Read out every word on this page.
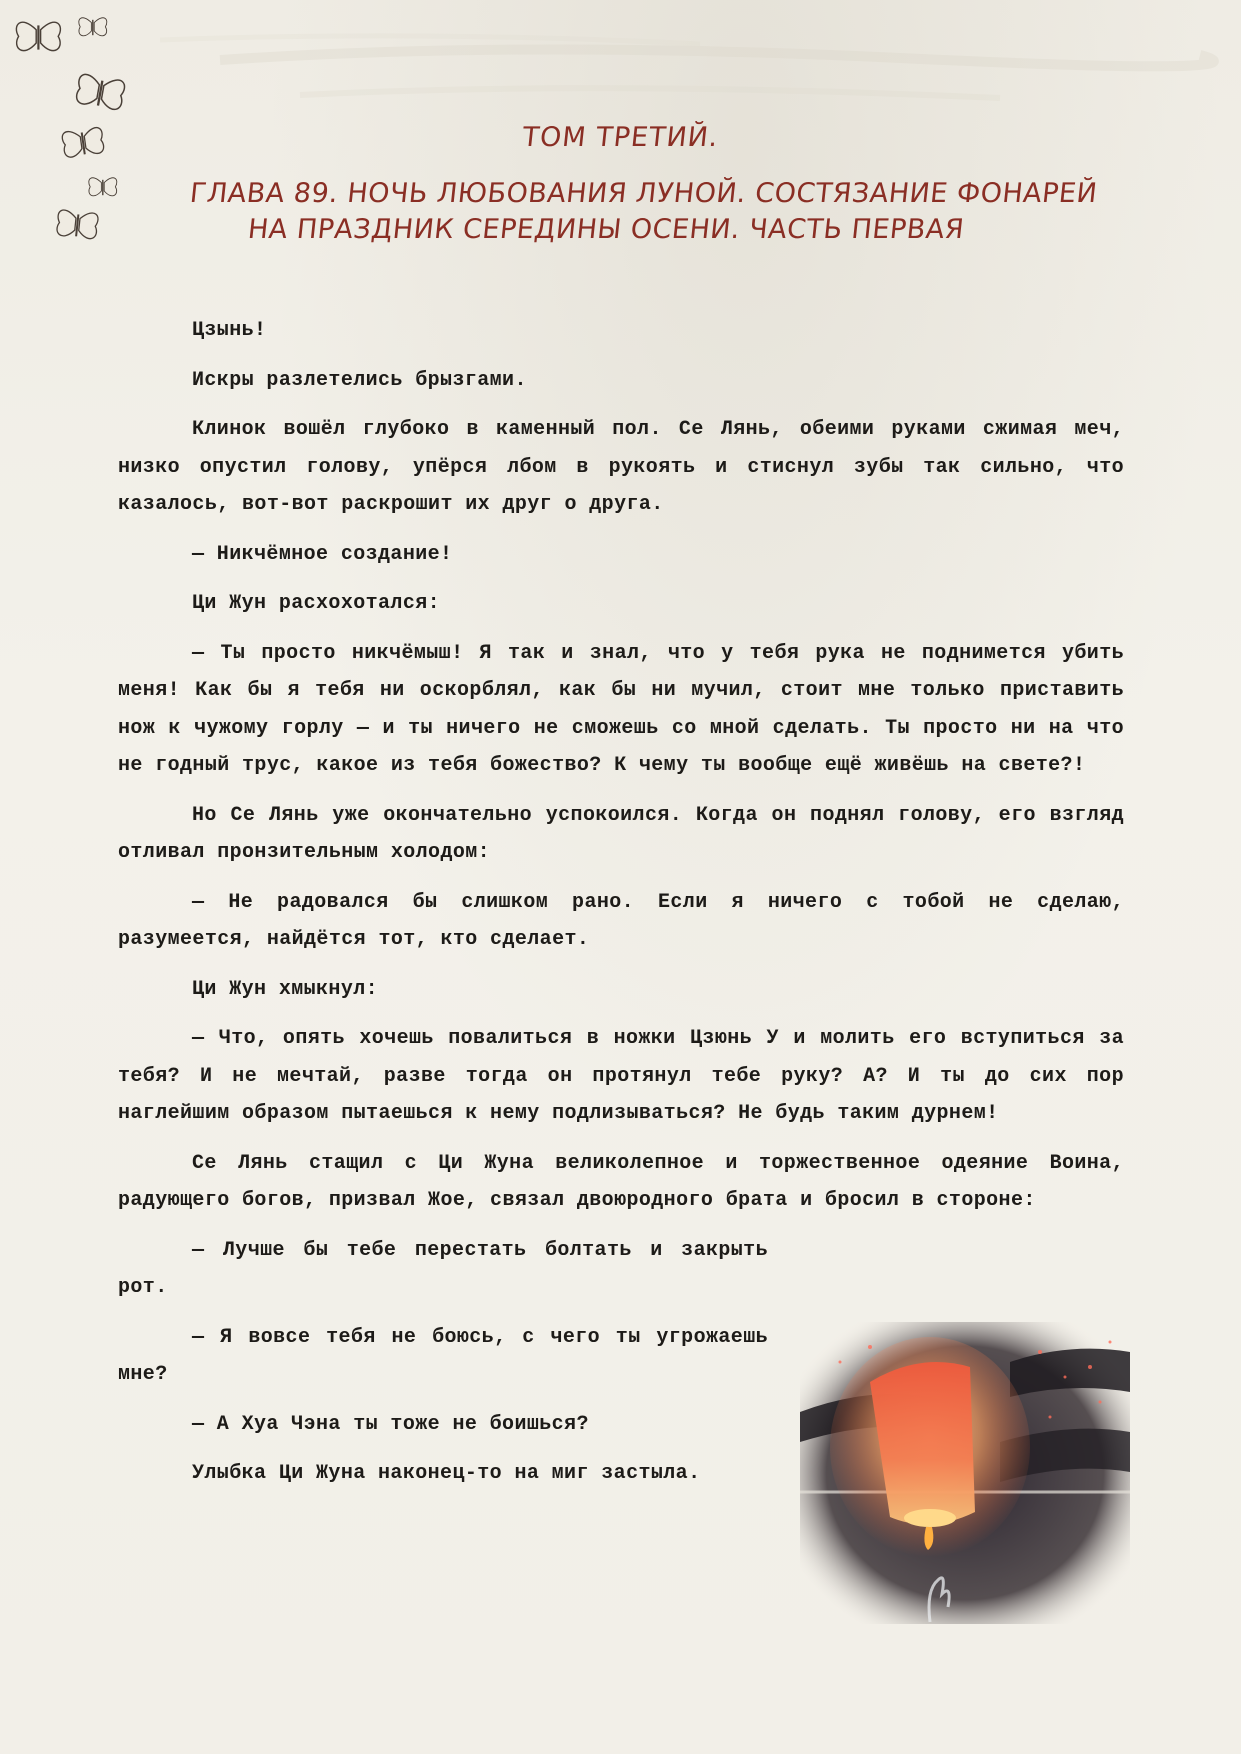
ТОМ ТРЕТИЙ.
ГЛАВА 89. НОЧЬ ЛЮБОВАНИЯ ЛУНОЙ. СОСТЯЗАНИЕ ФОНАРЕЙ
НА ПРАЗДНИК СЕРЕДИНЫ ОСЕНИ. ЧАСТЬ ПЕРВАЯ

Цзынь!

Искры разлетелись брызгами.

Клинок вошёл глубоко в каменный пол. Се Лянь, обеими руками сжимая меч, низко опустил голову, упёрся лбом в рукоять и стиснул зубы так сильно, что казалось, вот-вот раскрошит их друг о друга.

— Никчёмное создание!

Ци Жун расхохотался:

— Ты просто никчёмыш! Я так и знал, что у тебя рука не поднимется убить меня! Как бы я тебя ни оскорблял, как бы ни мучил, стоит мне только приставить нож к чужому горлу — и ты ничего не сможешь со мной сделать. Ты просто ни на что не годный трус, какое из тебя божество? К чему ты вообще ещё живёшь на свете?!

Но Се Лянь уже окончательно успокоился. Когда он поднял голову, его взгляд отливал пронзительным холодом:

— Не радовался бы слишком рано. Если я ничего с тобой не сделаю, разумеется, найдётся тот, кто сделает.

Ци Жун хмыкнул:

— Что, опять хочешь повалиться в ножки Цзюнь У и молить его вступиться за тебя? И не мечтай, разве тогда он протянул тебе руку? А? И ты до сих пор наглейшим образом пытаешься к нему подлизываться? Не будь таким дурнем!

Се Лянь стащил с Ци Жуна великолепное и торжественное одеяние Воина, радующего богов, призвал Жое, связал двоюродного брата и бросил в стороне:

— Лучше бы тебе перестать болтать и закрыть рот.

— Я вовсе тебя не боюсь, с чего ты угрожаешь мне?

— А Хуа Чэна ты тоже не боишься?

Улыбка Ци Жуна наконец-то на миг застыла.
